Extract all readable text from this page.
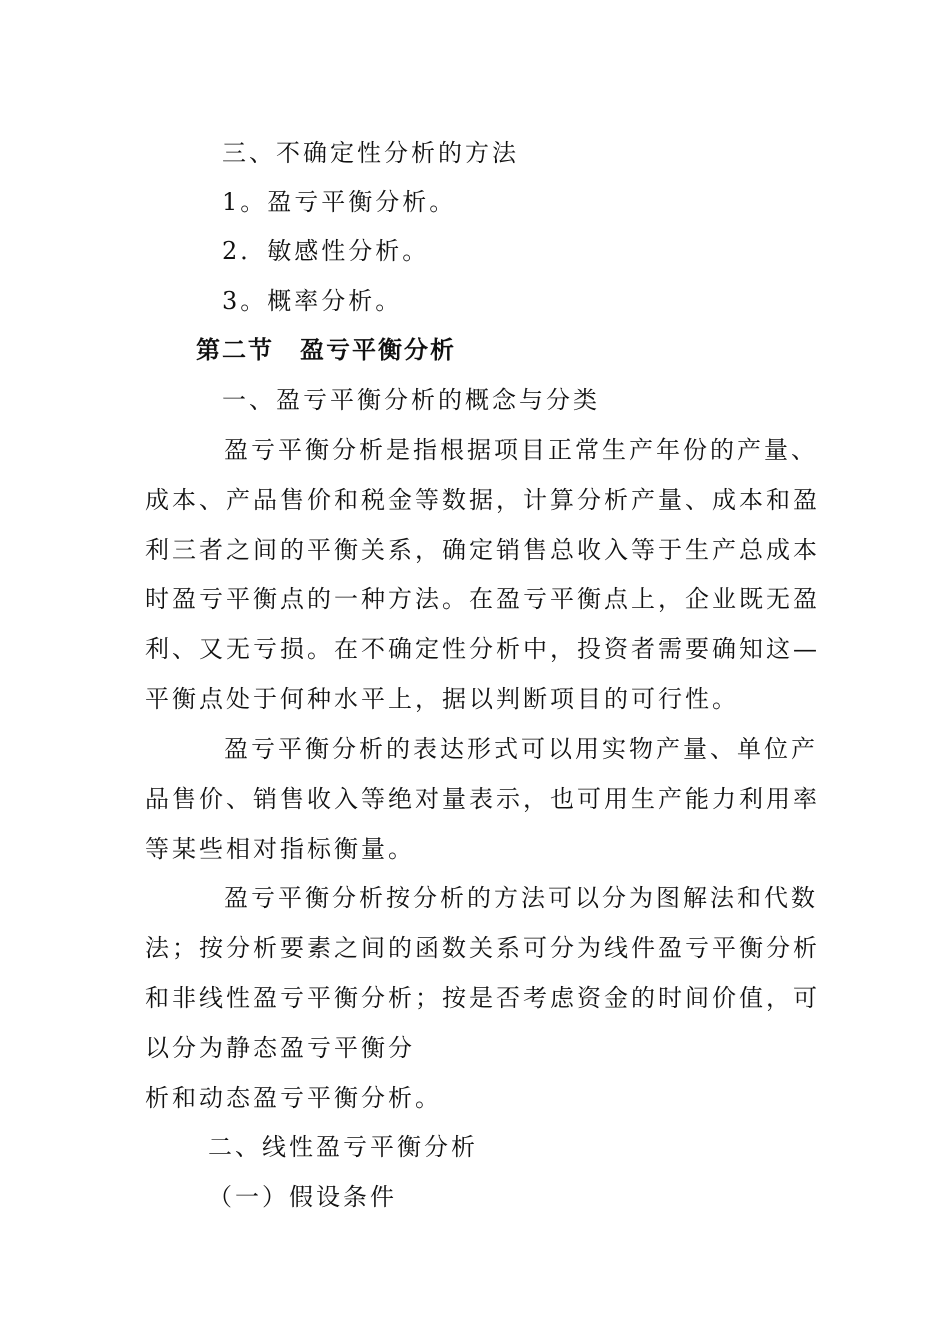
三、不确定性分析的方法
1。盈亏平衡分析。
2．敏感性分析。
3。概率分析。
第二节　盈亏平衡分析
一、盈亏平衡分析的概念与分类
盈亏平衡分析是指根据项目正常生产年份的产量、
成本、产品售价和税金等数据，计算分析产量、成本和盈
利三者之间的平衡关系，确定销售总收入等于生产总成本
时盈亏平衡点的一种方法。在盈亏平衡点上，企业既无盈
利、又无亏损。在不确定性分析中，投资者需要确知这—
平衡点处于何种水平上，据以判断项目的可行性。
盈亏平衡分析的表达形式可以用实物产量、单位产
品售价、销售收入等绝对量表示，也可用生产能力利用率
等某些相对指标衡量。
盈亏平衡分析按分析的方法可以分为图解法和代数
法；按分析要素之间的函数关系可分为线件盈亏平衡分析
和非线性盈亏平衡分析；按是否考虑资金的时间价值，可
以分为静态盈亏平衡分
析和动态盈亏平衡分析。
二、线性盈亏平衡分析
（一）假设条件
